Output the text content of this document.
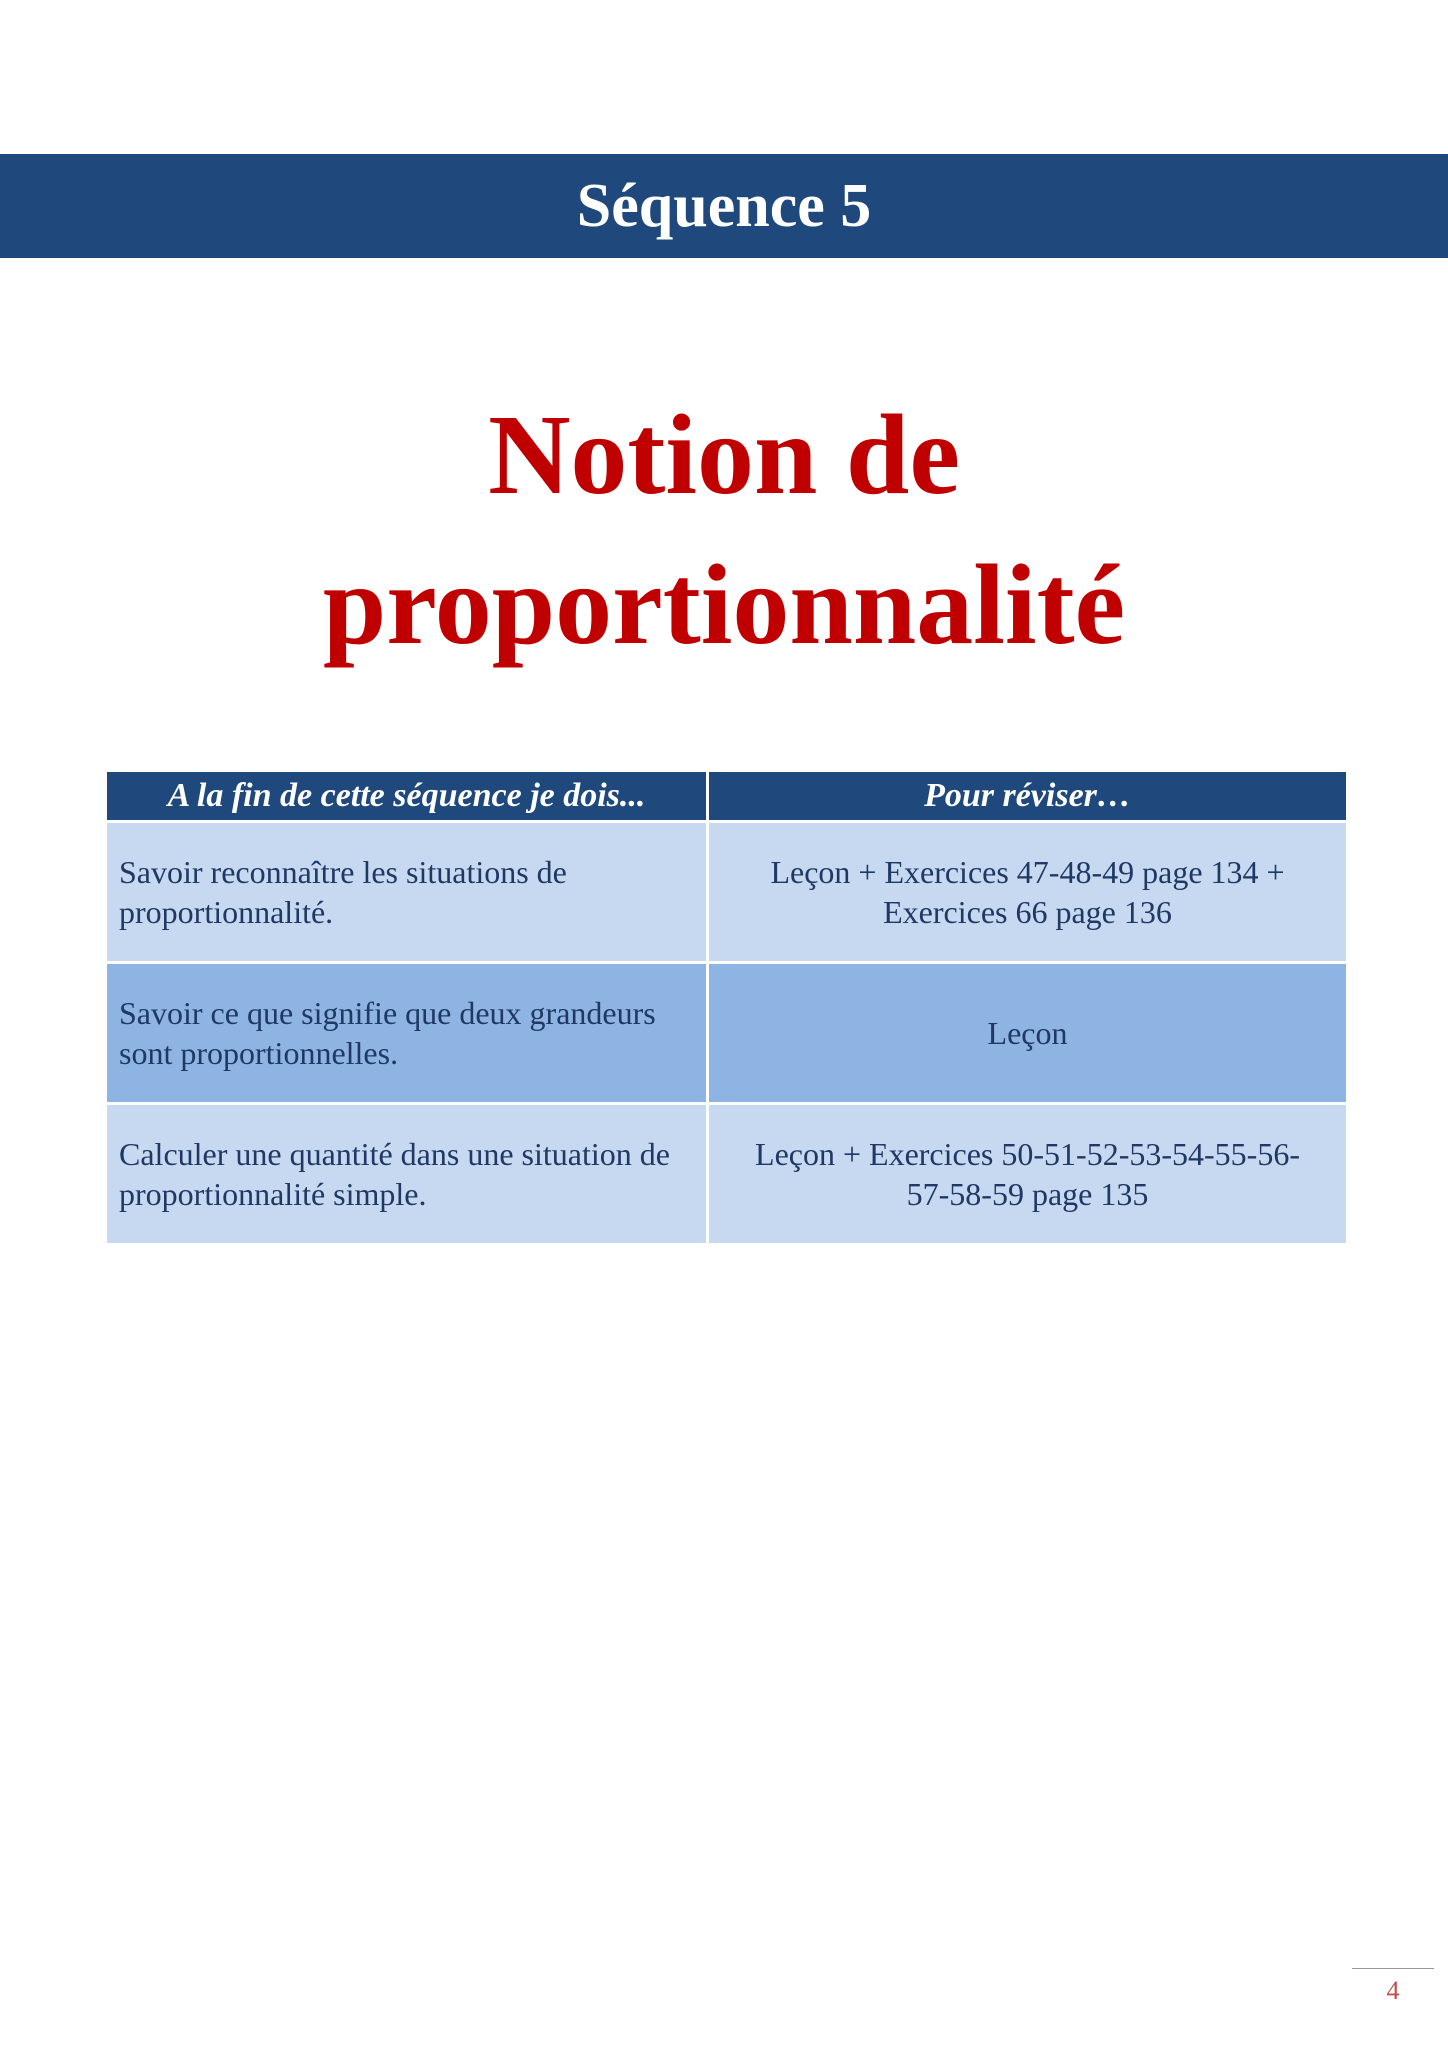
Séquence 5
Notion de
proportionnalité
A la fin de cette séquence je dois...	Pour réviser…
Savoir reconnaître les situations de proportionnalité.	Leçon + Exercices 47-48-49 page 134 +
Exercices 66 page 136

Savoir ce que signifie que deux grandeurs sont proportionnelles.	Leçon

Calculer une quantité dans une situation de proportionnalité simple.	Leçon + Exercices 50-51-52-53-54-55-56-
57-58-59 page 135
4
